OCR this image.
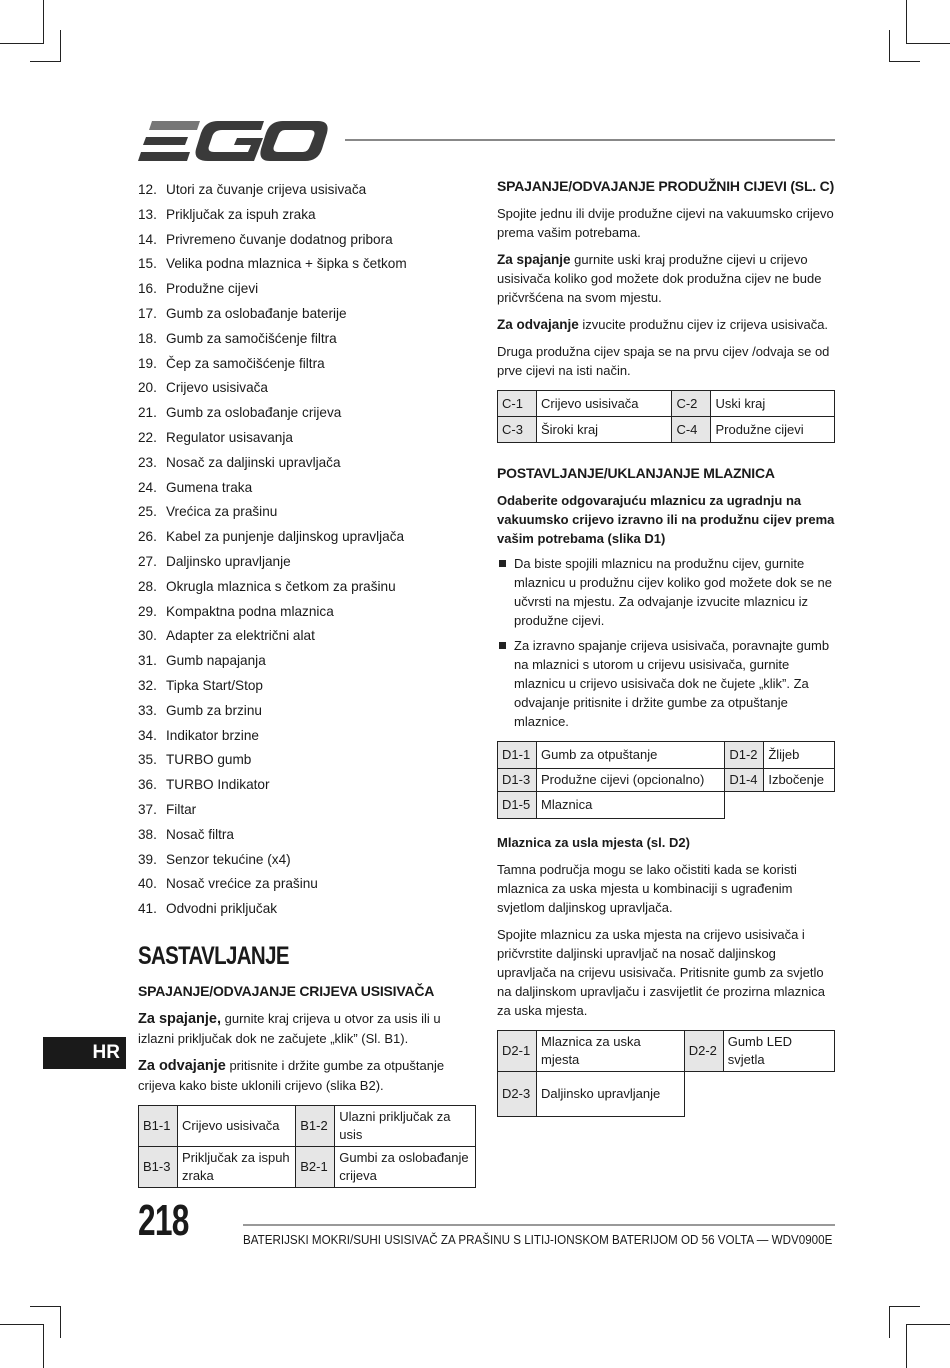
12. Utori za čuvanje crijeva usisivača
13. Priključak za ispuh zraka
14. Privremeno čuvanje dodatnog pribora
15. Velika podna mlaznica + šipka s četkom
16. Produžne cijevi
17. Gumb za oslobađanje baterije
18. Gumb za samočišćenje filtra
19. Čep za samočišćenje filtra
20. Crijevo usisivača
21. Gumb za oslobađanje crijeva
22. Regulator usisavanja
23. Nosač za daljinski upravljača
24. Gumena traka
25. Vrećica za prašinu
26. Kabel za punjenje daljinskog upravljača
27. Daljinsko upravljanje
28. Okrugla mlaznica s četkom za prašinu
29. Kompaktna podna mlaznica
30. Adapter za električni alat
31. Gumb napajanja
32. Tipka Start/Stop
33. Gumb za brzinu
34. Indikator brzine
35. TURBO gumb
36. TURBO Indikator
37. Filtar
38. Nosač filtra
39. Senzor tekućine (x4)
40. Nosač vrećice za prašinu
41. Odvodni priključak
SASTAVLJANJE
SPAJANJE/ODVAJANJE CRIJEVA USISIVAČA

Za spajanje, gurnite kraj crijeva u otvor za usis ili u izlazni priključak dok ne začujete „klik” (Sl. B1).

Za odvajanje pritisnite i držite gumbe za otpuštanje crijeva kako biste uklonili crijevo (slika B2).

B1-1	Crijevo usisivača	B1-2	Ulazni priključak za usis
B1-3	Priključak za ispuh zraka	B2-1	Gumbi za oslobađanje crijeva
SPAJANJE/ODVAJANJE PRODUŽNIH CIJEVI (SL. C)

Spojite jednu ili dvije produžne cijevi na vakuumsko crijevo prema vašim potrebama.

Za spajanje gurnite uski kraj produžne cijevi u crijevo usisivača koliko god možete dok produžna cijev ne bude pričvršćena na svom mjestu.

Za odvajanje izvucite produžnu cijev iz crijeva usisivača.

Druga produžna cijev spaja se na prvu cijev /odvaja se od prve cijevi na isti način.

C-1	Crijevo usisivača	C-2	Uski kraj
C-3	Široki kraj	C-4	Produžne cijevi
POSTAVLJANJE/UKLANJANJE MLAZNICA
Odaberite odgovarajuću mlaznicu za ugradnju na vakuumsko crijevo izravno ili na produžnu cijev prema vašim potrebama (slika D1)
Da biste spojili mlaznicu na produžnu cijev, gurnite mlaznicu u produžnu cijev koliko god možete dok se ne učvrsti na mjestu. Za odvajanje izvucite mlaznicu iz produžne cijevi.
Za izravno spajanje crijeva usisivača, poravnajte gumb na mlaznici s utorom u crijevu usisivača, gurnite mlaznicu u crijevo usisivača dok ne čujete „klik”. Za odvajanje pritisnite i držite gumbe za otpuštanje mlaznice.
D1-1	Gumb za otpuštanje	D1-2	Žlijeb
D1-3	Produžne cijevi (opcionalno)	D1-4	Izbočenje
D1-5	Mlaznica		
Mlaznica za usla mjesta (sl. D2)

Tamna područja mogu se lako očistiti kada se koristi mlaznica za uska mjesta u kombinaciji s ugrađenim svjetlom daljinskog upravljača.

Spojite mlaznicu za uska mjesta na crijevo usisivača i pričvrstite daljinski upravljač na nosač daljinskog upravljača na crijevu usisivača. Pritisnite gumb za svjetlo na daljinskom upravljaču i zasvijetlit će prozirna mlaznica za uska mjesta.

D2-1	Mlaznica za uska mjesta	D2-2	Gumb LED svjetla
D2-3	Daljinsko upravljanje		
HR
218	BATERIJSKI MOKRI/SUHI USISIVAČ ZA PRAŠINU S LITIJ-IONSKOM BATERIJOM OD 56 VOLTA — WDV0900E
